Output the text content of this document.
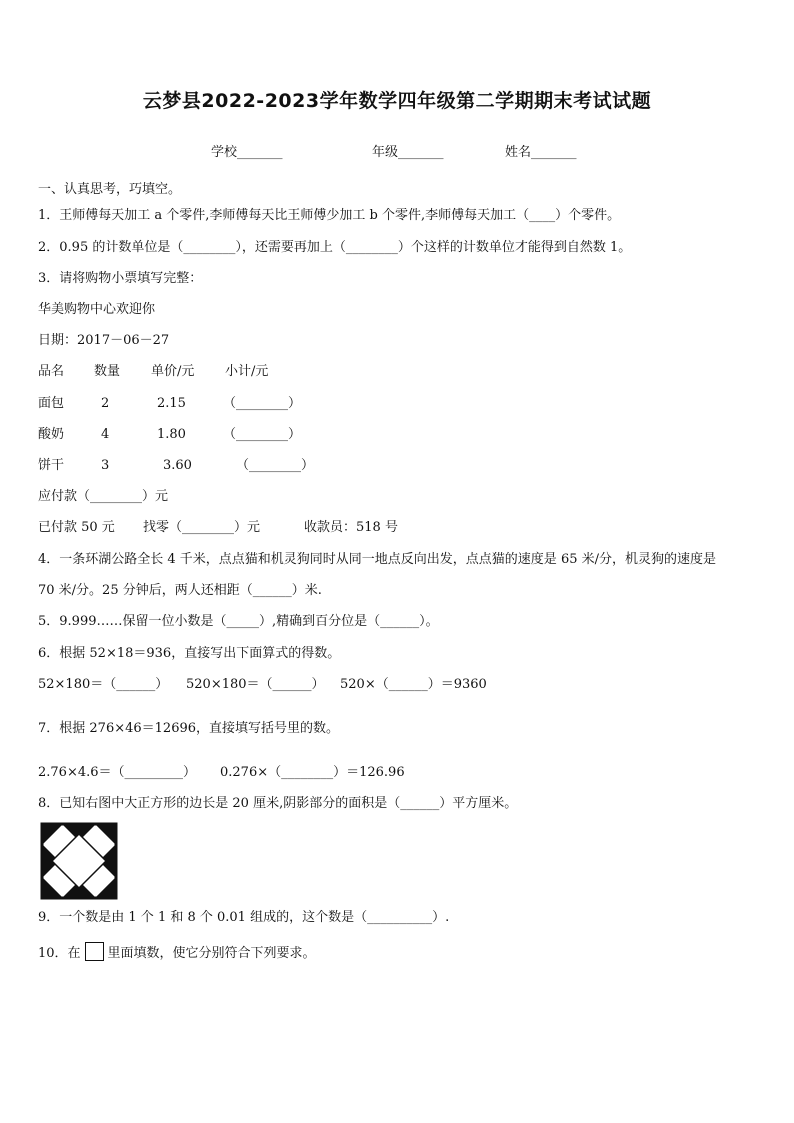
云梦县2022-2023学年数学四年级第二学期期末考试试题
学校_______	年级_______	姓名_______
一、认真思考，巧填空。
1．王师傅每天加工 a 个零件,李师傅每天比王师傅少加工 b 个零件,李师傅每天加工（____）个零件。
2．0.95 的计数单位是（________），还需要再加上（________）个这样的计数单位才能得到自然数 1。
3．请将购物小票填写完整：
华美购物中心欢迎你
日期：2017－06－27
品名 数量 单价/元 小计/元
面包	2	2.15	（________）
酸奶	4	1.80	（________）
饼干	3	3.60	（________）
应付款（________）元
已付款 50 元 找零（________）元	收款员：518 号
4．一条环湖公路全长 4 千米，点点猫和机灵狗同时从同一地点反向出发，点点猫的速度是 65 米/分，机灵狗的速度是
70 米/分。25 分钟后，两人还相距（______）米.
5．9.999……保留一位小数是（_____）,精确到百分位是（______）。
6．根据 52×18＝936，直接写出下面算式的得数。
52×180＝（______） 520×180＝（______） 520×（______）＝9360
7．根据 276×46＝12696，直接填写括号里的数。
2.76×4.6＝（_________） 0.276×（________）＝126.96
8．已知右图中大正方形的边长是 20 厘米,阴影部分的面积是（______）平方厘米。
9．一个数是由 1 个 1 和 8 个 0.01 组成的，这个数是（__________）.
10．在 里面填数，使它分别符合下列要求。
